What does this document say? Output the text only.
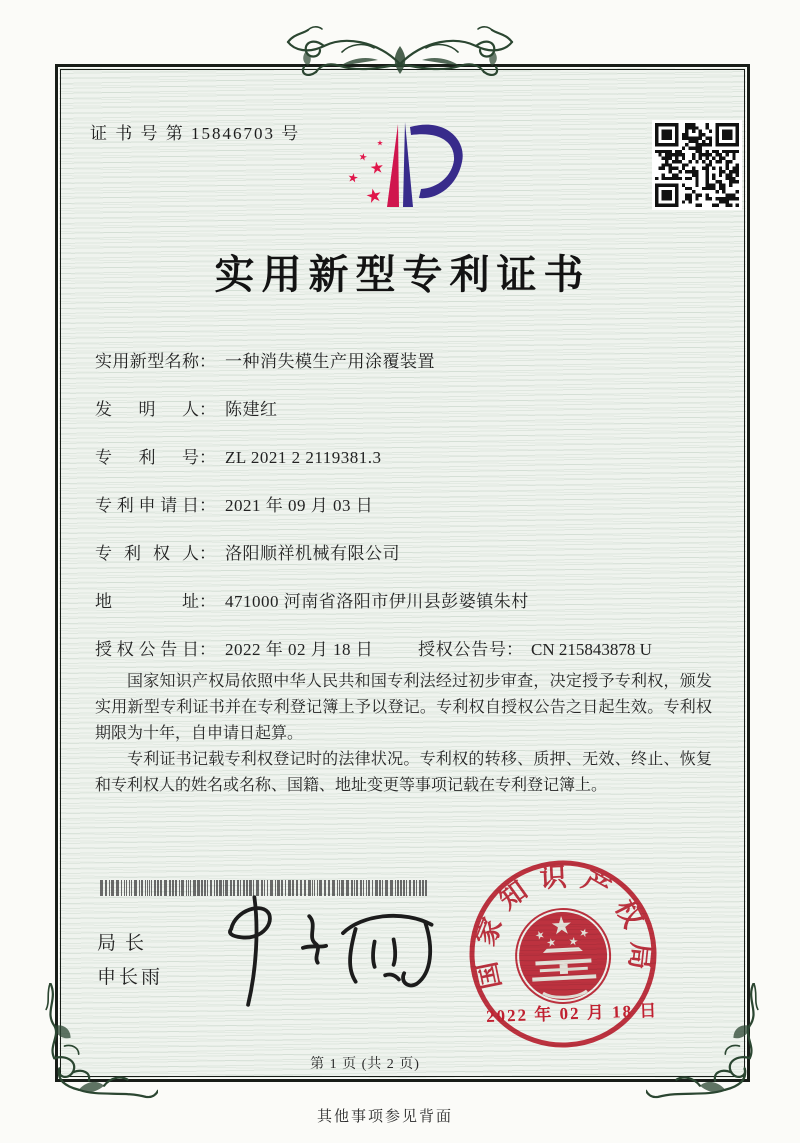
证 书 号 第 15846703 号
实用新型专利证书
实用新型名称： 一种消失模生产用涂覆装置
发明人： 陈建红
专利号： ZL 2021 2 2119381.3
专利申请日： 2021 年 09 月 03 日
专利权人： 洛阳顺祥机械有限公司
地址： 471000 河南省洛阳市伊川县彭婆镇朱村
授权公告日： 2022 年 02 月 18 日	授权公告号： CN 215843878 U

国家知识产权局依照中华人民共和国专利法经过初步审查，决定授予专利权，颁发实用新型专利证书并在专利登记簿上予以登记。专利权自授权公告之日起生效。专利权期限为十年，自申请日起算。

专利证书记载专利权登记时的法律状况。专利权的转移、质押、无效、终止、恢复和专利权人的姓名或名称、国籍、地址变更等事项记载在专利登记簿上。

局长
申长雨	国家知识产权局
2022 年 02 月 18 日
第 1 页 (共 2 页)
其他事项参见背面
